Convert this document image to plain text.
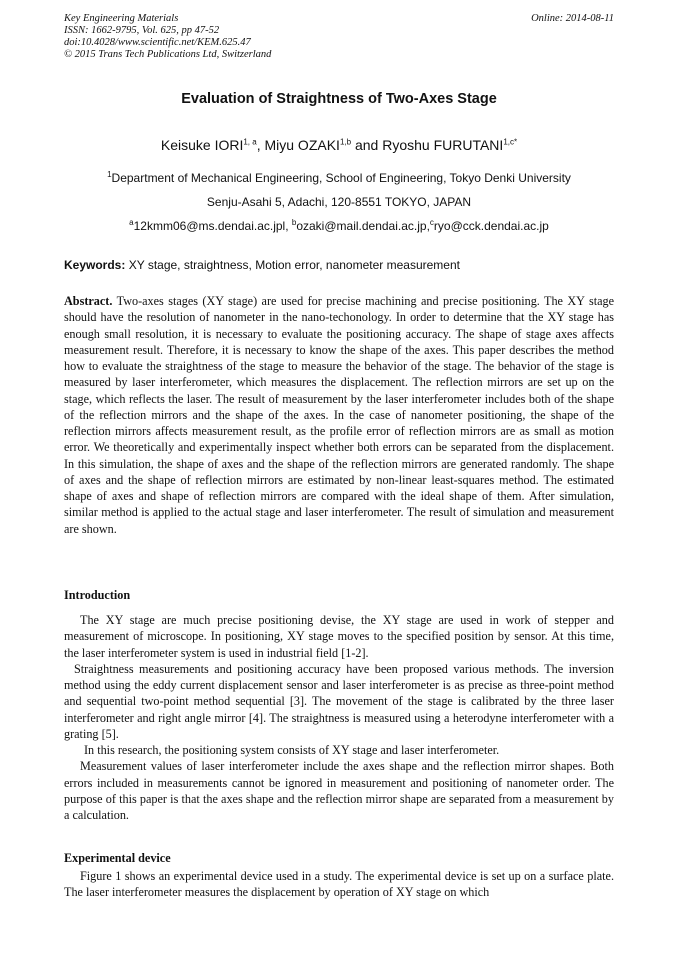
Key Engineering Materials
ISSN: 1662-9795, Vol. 625, pp 47-52
doi:10.4028/www.scientific.net/KEM.625.47
© 2015 Trans Tech Publications Ltd, Switzerland
Online: 2014-08-11
Evaluation of Straightness of Two-Axes Stage
Keisuke IORI$^{1, a}$, Miyu OZAKI$^{1,b}$ and Ryoshu $FURUTANI^{1,c*}$
$^1$Department of Mechanical Engineering, School of Engineering, Tokyo Denki University
Senju-Asahi 5, Adachi, 120-8551 TOKYO, JAPAN
$^a$12kmm06@ms.dendai.ac.jpl, $^b$ozaki@mail.dendai.ac.jp,$^c$ryo@cck.dendai.ac.jp
Keywords: XY stage, straightness, Motion error, nanometer measurement
Abstract. Two-axes stages (XY stage) are used for precise machining and precise positioning. The XY stage should have the resolution of nanometer in the nano-techonology. In order to determine that the XY stage has enough small resolution, it is necessary to evaluate the positioning accuracy. The shape of stage axes affects measurement result. Therefore, it is necessary to know the shape of the axes. This paper describes the method how to evaluate the straightness of the stage to measure the behavior of the stage. The behavior of the stage is measured by laser interferometer, which measures the displacement. The reflection mirrors are set up on the stage, which reflects the laser. The result of measurement by the laser interferometer includes both of the shape of the reflection mirrors and the shape of the axes. In the case of nanometer positioning, the shape of the reflection mirrors affects measurement result, as the profile error of reflection mirrors are as small as motion error. We theoretically and experimentally inspect whether both errors can be separated from the displacement. In this simulation, the shape of axes and the shape of the reflection mirrors are generated randomly. The shape of axes and the shape of reflection mirrors are estimated by non-linear least-squares method. The estimated shape of axes and shape of reflection mirrors are compared with the ideal shape of them. After simulation, similar method is applied to the actual stage and laser interferometer. The result of simulation and measurement are shown.
Introduction

The XY stage are much precise positioning devise, the XY stage are used in work of stepper and measurement of microscope. In positioning, XY stage moves to the specified position by sensor. At this time, the laser interferometer system is used in industrial field [1-2].

Straightness measurements and positioning accuracy have been proposed various methods. The inversion method using the eddy current displacement sensor and laser interferometer is as precise as three-point method and sequential two-point method sequential [3]. The movement of the stage is calibrated by the three laser interferometer and right angle mirror [4]. The straightness is measured using a heterodyne interferometer with a grating [5].

In this research, the positioning system consists of XY stage and laser interferometer.

Measurement values of laser interferometer include the axes shape and the reflection mirror shapes. Both errors included in measurements cannot be ignored in measurement and positioning of nanometer order. The purpose of this paper is that the axes shape and the reflection mirror shape are separated from a measurement by a calculation.

Experimental device

Figure 1 shows an experimental device used in a study. The experimental device is set up on a surface plate. The laser interferometer measures the displacement by operation of XY stage on which
